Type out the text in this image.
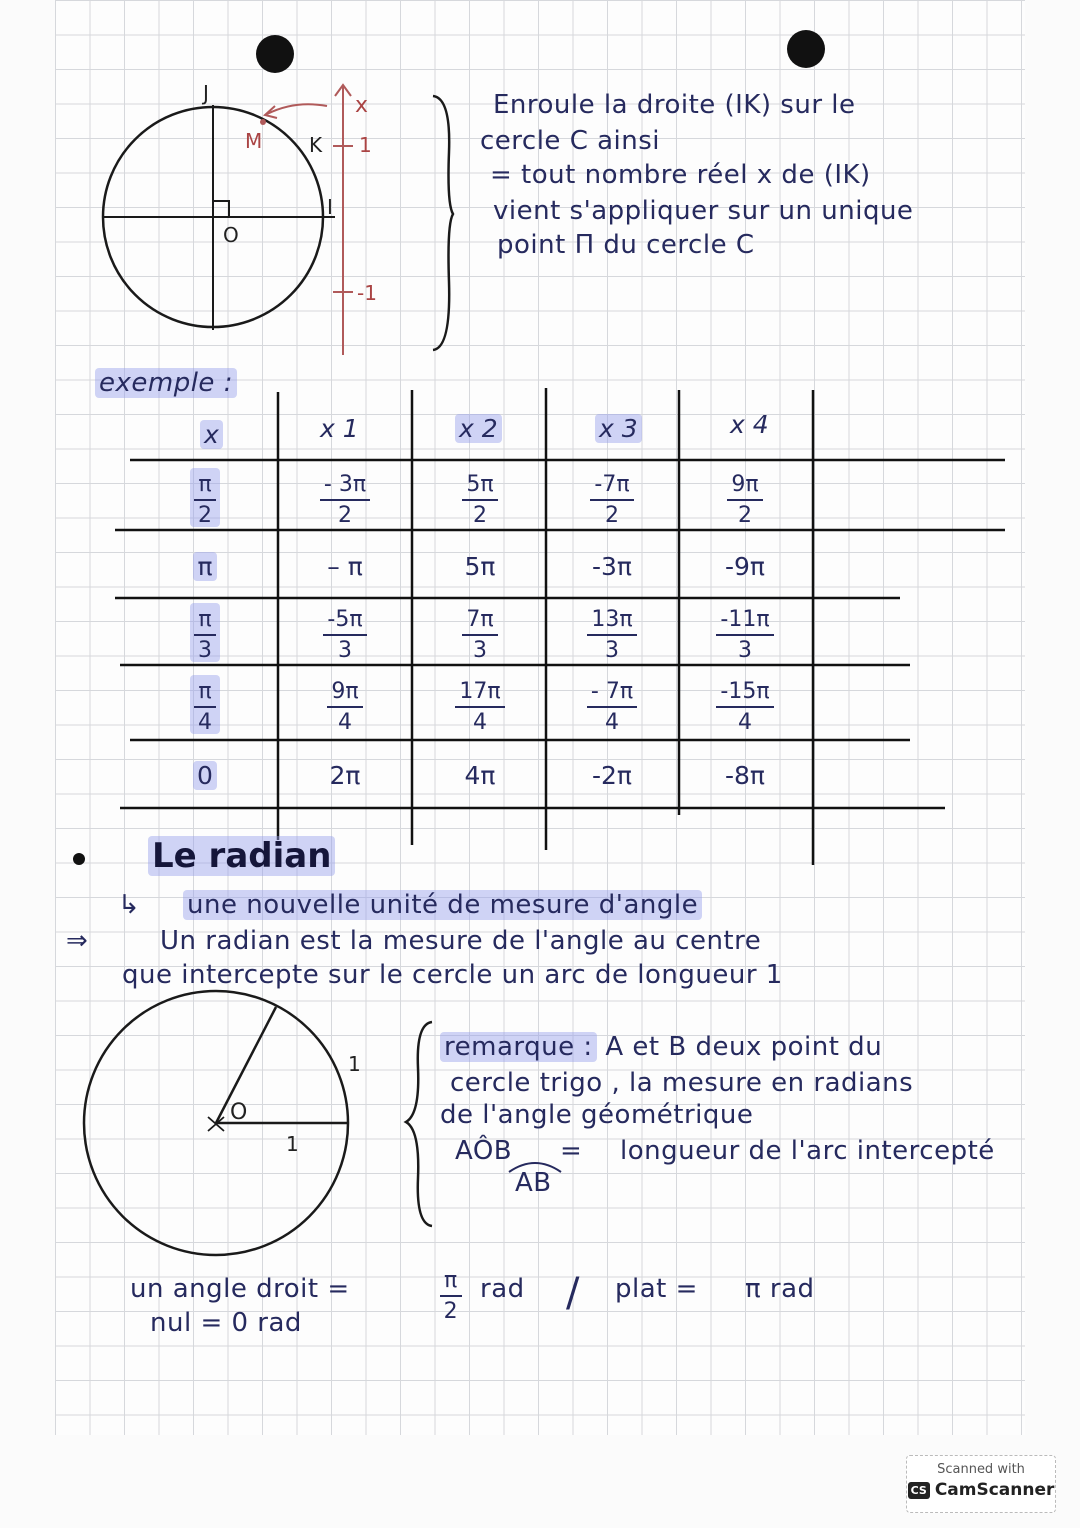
J
M K
I
O
x
1
-1
Enroule la droite (IK) sur le
cercle C ainsi
= tout nombre réel x de (IK)
vient s'appliquer sur un unique
point Π du cercle C
exemple :
x	x 1	x 2	x 3	x 4
$\frac{\pi}{2}$	$\frac{- 3\pi}{2}$	$\frac{5\pi}{2}$	$\frac{-7\pi}{2}$	$\frac{9\pi}{2}$
π	– π	5π	-3π	-9π
$\frac{\pi}{3}$	$\frac{-5\pi}{3}$	$\frac{7\pi}{3}$	$\frac{13\pi}{3}$	$\frac{-11\pi}{3}$
$\frac{\pi}{4}$	$\frac{9\pi}{4}$	$\frac{17\pi}{4}$	$\frac{- 7\pi}{4}$	$\frac{-15\pi}{4}$
0	2π	4π	-2π	-8π
Le radian
↳ une nouvelle unité de mesure d'angle
⇒	Un radian est la mesure de l'angle au centre
que intercepte sur le cercle un arc de longueur 1
O
1
1
remarque : A et B deux point du
cercle trigo , la mesure en radians
de l'angle géométrique
AÔB = longueur de l'arc intercepté
AB
un angle droit =	$\frac{\pi}{2}$ rad / plat = π rad
nul = 0 rad
Scanned with
CS CamScanner
